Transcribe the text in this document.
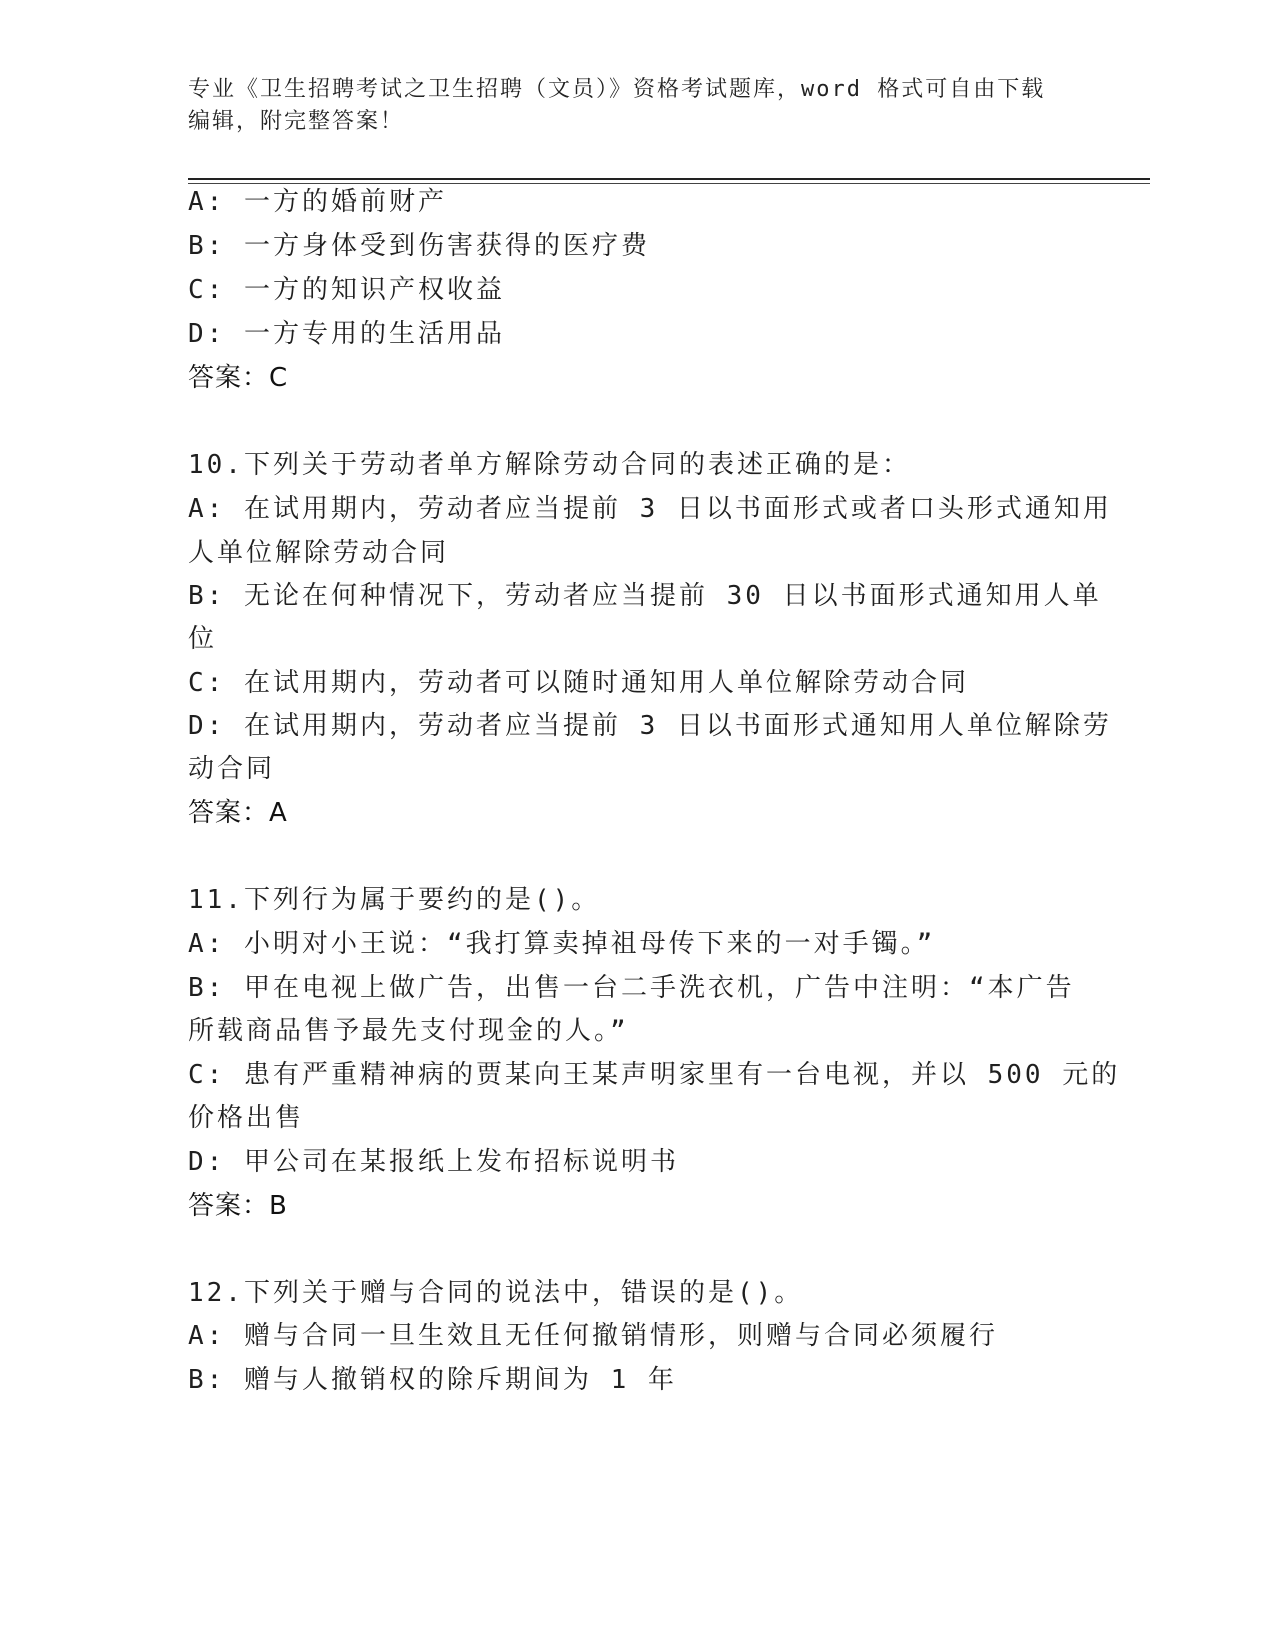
专业《卫生招聘考试之卫生招聘（文员）》资格考试题库，word 格式可自由下载
编辑，附完整答案！
A: 一方的婚前财产
B: 一方身体受到伤害获得的医疗费
C: 一方的知识产权收益
D: 一方专用的生活用品
答案：C
10.下列关于劳动者单方解除劳动合同的表述正确的是：
A: 在试用期内，劳动者应当提前 3 日以书面形式或者口头形式通知用
人单位解除劳动合同
B: 无论在何种情况下，劳动者应当提前 30 日以书面形式通知用人单
位
C: 在试用期内，劳动者可以随时通知用人单位解除劳动合同
D: 在试用期内，劳动者应当提前 3 日以书面形式通知用人单位解除劳
动合同
答案：A
11.下列行为属于要约的是()。
A: 小明对小王说：“我打算卖掉祖母传下来的一对手镯。”
B: 甲在电视上做广告，出售一台二手洗衣机，广告中注明：“本广告
所载商品售予最先支付现金的人。”
C: 患有严重精神病的贾某向王某声明家里有一台电视，并以 500 元的
价格出售
D: 甲公司在某报纸上发布招标说明书
答案：B
12.下列关于赠与合同的说法中，错误的是()。
A: 赠与合同一旦生效且无任何撤销情形，则赠与合同必须履行
B: 赠与人撤销权的除斥期间为 1 年
